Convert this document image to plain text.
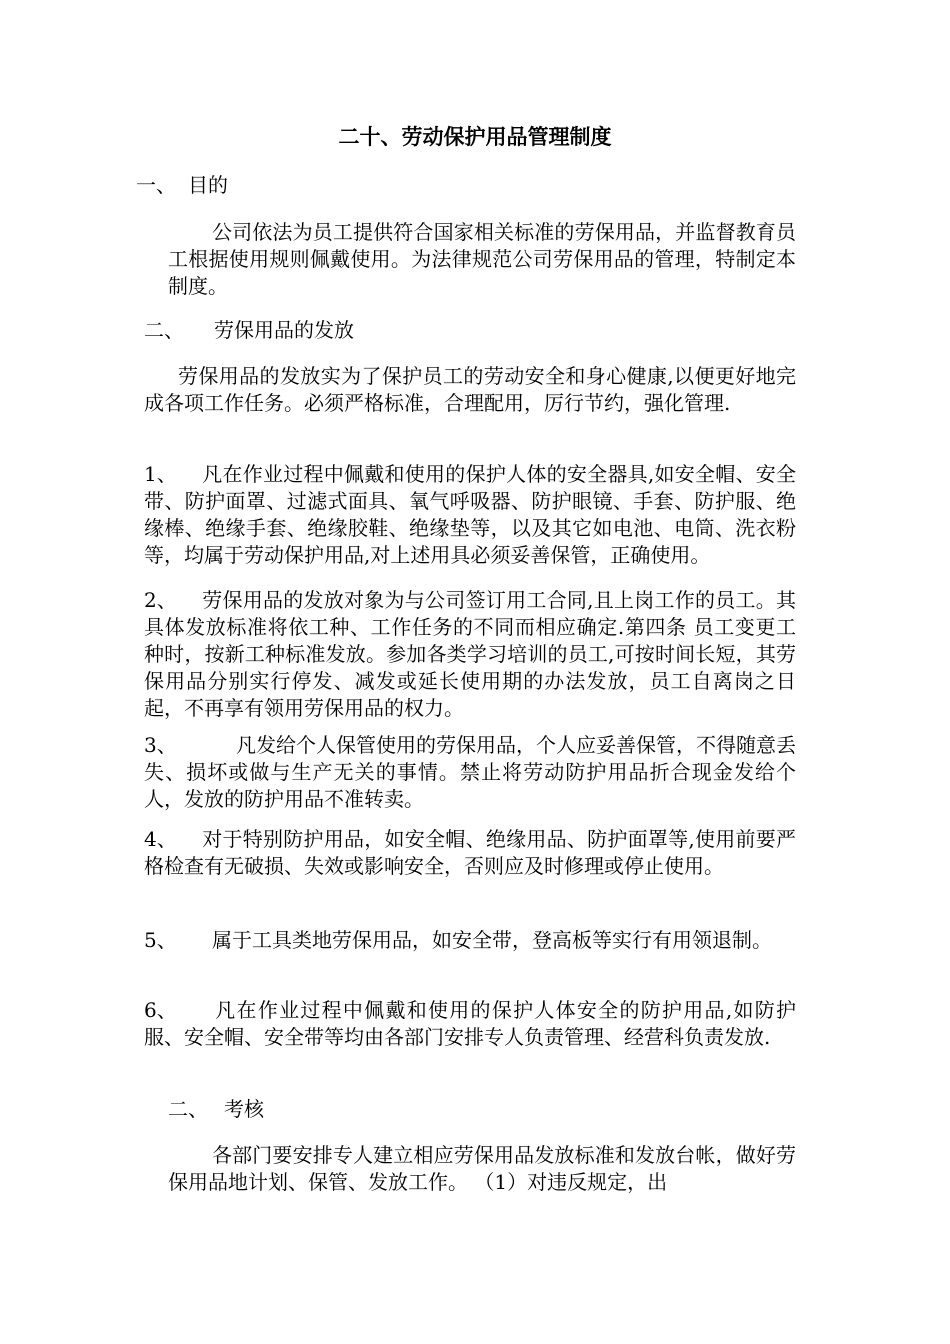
二十、劳动保护用品管理制度
一、 目的

公司依法为员工提供符合国家相关标准的劳保用品，并监督教育员工根据使用规则佩戴使用。为法律规范公司劳保用品的管理，特制定本制度。

二、 劳保用品的发放

劳保用品的发放实为了保护员工的劳动安全和身心健康,以便更好地完成各项工作任务。必须严格标准，合理配用，厉行节约，强化管理.

1、 凡在作业过程中佩戴和使用的保护人体的安全器具,如安全帽、安全带、防护面罩、过滤式面具、氧气呼吸器、防护眼镜、手套、防护服、绝缘棒、绝缘手套、绝缘胶鞋、绝缘垫等，以及其它如电池、电筒、洗衣粉等，均属于劳动保护用品,对上述用具必须妥善保管，正确使用。

2、 劳保用品的发放对象为与公司签订用工合同,且上岗工作的员工。其具体发放标准将依工种、工作任务的不同而相应确定.第四条 员工变更工种时，按新工种标准发放。参加各类学习培训的员工,可按时间长短，其劳保用品分别实行停发、减发或延长使用期的办法发放，员工自离岗之日起，不再享有领用劳保用品的权力。

3、	凡发给个人保管使用的劳保用品，个人应妥善保管，不得随意丢失、损坏或做与生产无关的事情。禁止将劳动防护用品折合现金发给个人，发放的防护用品不准转卖。

4、 对于特别防护用品，如安全帽、绝缘用品、防护面罩等,使用前要严格检查有无破损、失效或影响安全，否则应及时修理或停止使用。

5、 属于工具类地劳保用品，如安全带，登高板等实行有用领退制。

6、 凡在作业过程中佩戴和使用的保护人体安全的防护用品,如防护服、安全帽、安全带等均由各部门安排专人负责管理、经营科负责发放.

二、 考核

各部门要安排专人建立相应劳保用品发放标准和发放台帐，做好劳保用品地计划、保管、发放工作。 （1）对违反规定，出
